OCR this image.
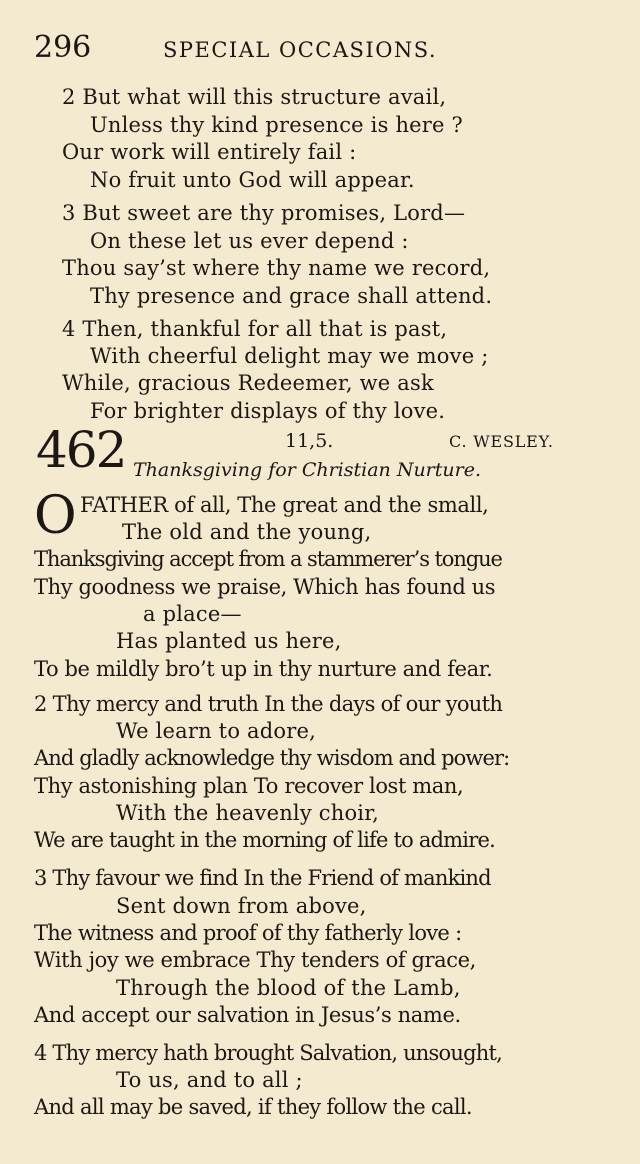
296	SPECIAL OCCASIONS.
2 But what will this structure avail,
Unless thy kind presence is here ?
Our work will entirely fail :
No fruit unto God will appear.
3 But sweet are thy promises, Lord—
On these let us ever depend :
Thou say’st where thy name we record,
Thy presence and grace shall attend.
4 Then, thankful for all that is past,
With cheerful delight may we move ;
While, gracious Redeemer, we ask
For brighter displays of thy love.
462	11,5.	C. WESLEY.
Thanksgiving for Christian Nurture.
O FATHER of all, The great and the small,
The old and the young,
Thanksgiving accept from a stammerer’s tongue
Thy goodness we praise, Which has found us
a place—
Has planted us here,
To be mildly bro’t up in thy nurture and fear.
2 Thy mercy and truth In the days of our youth
We learn to adore,
And gladly acknowledge thy wisdom and power:
Thy astonishing plan To recover lost man,
With the heavenly choir,
We are taught in the morning of life to admire.
3 Thy favour we find In the Friend of mankind
Sent down from above,
The witness and proof of thy fatherly love :
With joy we embrace Thy tenders of grace,
Through the blood of the Lamb,
And accept our salvation in Jesus’s name.
4 Thy mercy hath brought Salvation, unsought,
To us, and to all ;
And all may be saved, if they follow the call.
